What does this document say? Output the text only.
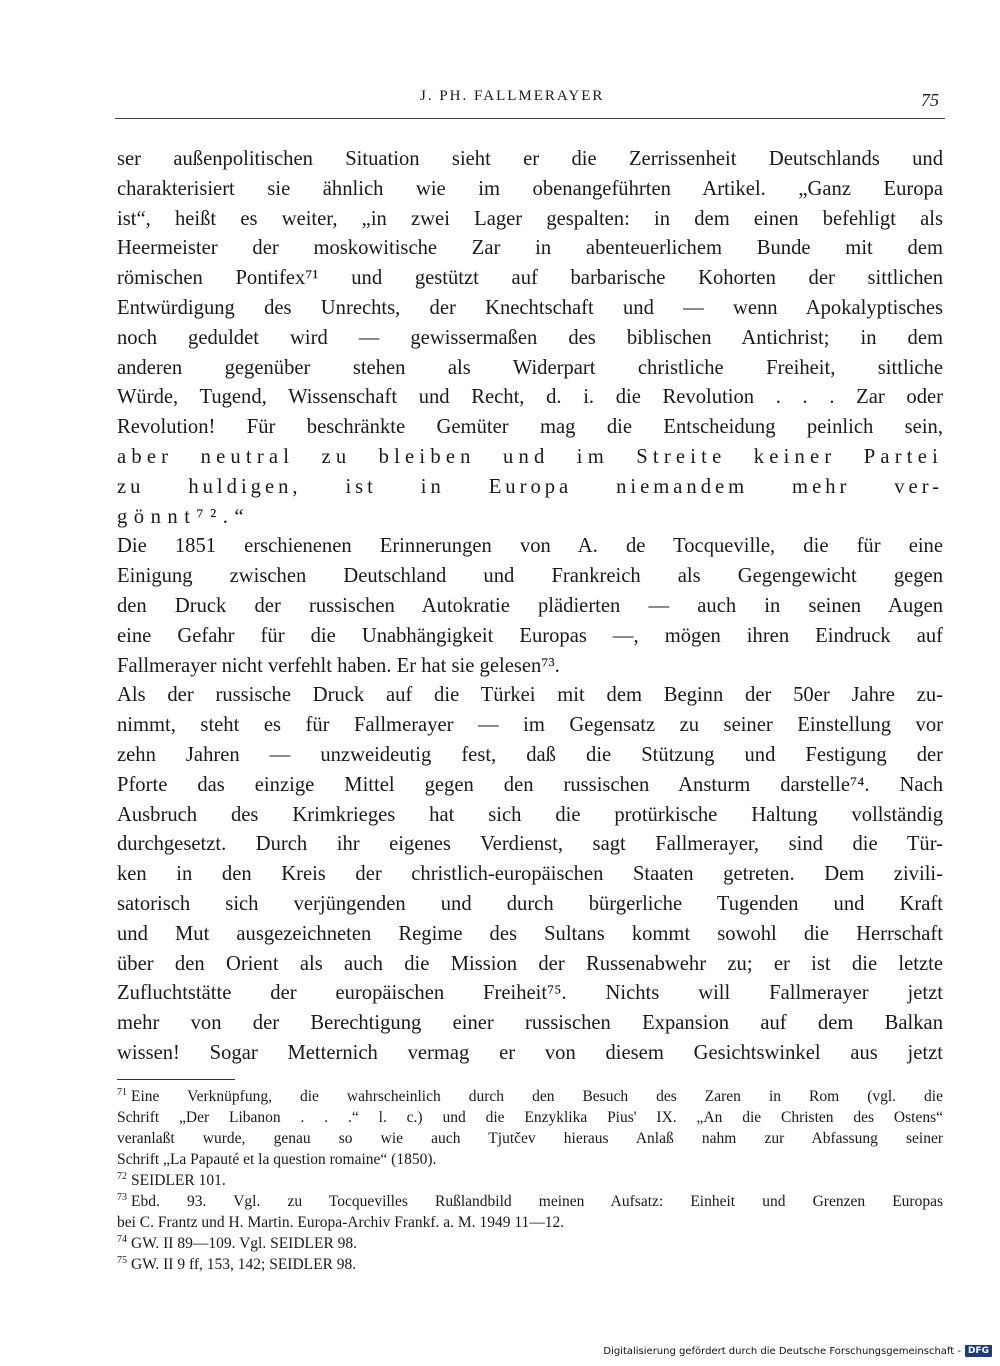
J. PH. FALLMERAYER	75
ser außenpolitischen Situation sieht er die Zerrissenheit Deutschlands und
charakterisiert sie ähnlich wie im obenangeführten Artikel. „Ganz Europa
ist“, heißt es weiter, „in zwei Lager gespalten: in dem einen befehligt als
Heermeister der moskowitische Zar in abenteuerlichem Bunde mit dem
römischen Pontifex⁷¹ und gestützt auf barbarische Kohorten der sittlichen
Entwürdigung des Unrechts, der Knechtschaft und — wenn Apokalyptisches
noch geduldet wird — gewissermaßen des biblischen Antichrist; in dem
anderen gegenüber stehen als Widerpart christliche Freiheit, sittliche
Würde, Tugend, Wissenschaft und Recht, d. i. die Revolution . . . Zar oder
Revolution! Für beschränkte Gemüter mag die Entscheidung peinlich sein,
aber neutral zu bleiben und im Streite keiner Partei
zu huldigen, ist in Europa niemandem mehr ver-
gönnt⁷².“
Die 1851 erschienenen Erinnerungen von A. de Tocqueville, die für eine
Einigung zwischen Deutschland und Frankreich als Gegengewicht gegen
den Druck der russischen Autokratie plädierten — auch in seinen Augen
eine Gefahr für die Unabhängigkeit Europas —, mögen ihren Eindruck auf
Fallmerayer nicht verfehlt haben. Er hat sie gelesen⁷³.
Als der russische Druck auf die Türkei mit dem Beginn der 50er Jahre zu-
nimmt, steht es für Fallmerayer — im Gegensatz zu seiner Einstellung vor
zehn Jahren — unzweideutig fest, daß die Stützung und Festigung der
Pforte das einzige Mittel gegen den russischen Ansturm darstelle⁷⁴. Nach
Ausbruch des Krimkrieges hat sich die protürkische Haltung vollständig
durchgesetzt. Durch ihr eigenes Verdienst, sagt Fallmerayer, sind die Tür-
ken in den Kreis der christlich-europäischen Staaten getreten. Dem zivili-
satorisch sich verjüngenden und durch bürgerliche Tugenden und Kraft
und Mut ausgezeichneten Regime des Sultans kommt sowohl die Herrschaft
über den Orient als auch die Mission der Russenabwehr zu; er ist die letzte
Zufluchtstätte der europäischen Freiheit⁷⁵. Nichts will Fallmerayer jetzt
mehr von der Berechtigung einer russischen Expansion auf dem Balkan
wissen! Sogar Metternich vermag er von diesem Gesichtswinkel aus jetzt
$^{71}$ Eine Verknüpfung, die wahrscheinlich durch den Besuch des Zaren in Rom (vgl. die
Schrift „Der Libanon . . .“ l. c.) und die Enzyklika Pius' IX. „An die Christen des Ostens“
veranlaßt wurde, genau so wie auch Tjutčev hieraus Anlaß nahm zur Abfassung seiner
Schrift „La Papauté et la question romaine“ (1850).
$^{72}$ SEIDLER 101.
$^{73}$ Ebd. 93. Vgl. zu Tocquevilles Rußlandbild meinen Aufsatz: Einheit und Grenzen Europas
bei C. Frantz und H. Martin. Europa-Archiv Frankf. a. M. 1949 11—12.
$^{74}$ GW. II 89—109. Vgl. SEIDLER 98.
$^{75}$ GW. II 9 ff, 153, 142; SEIDLER 98.
Digitalisierung gefördert durch die Deutsche Forschungsgemeinschaft - DFG
